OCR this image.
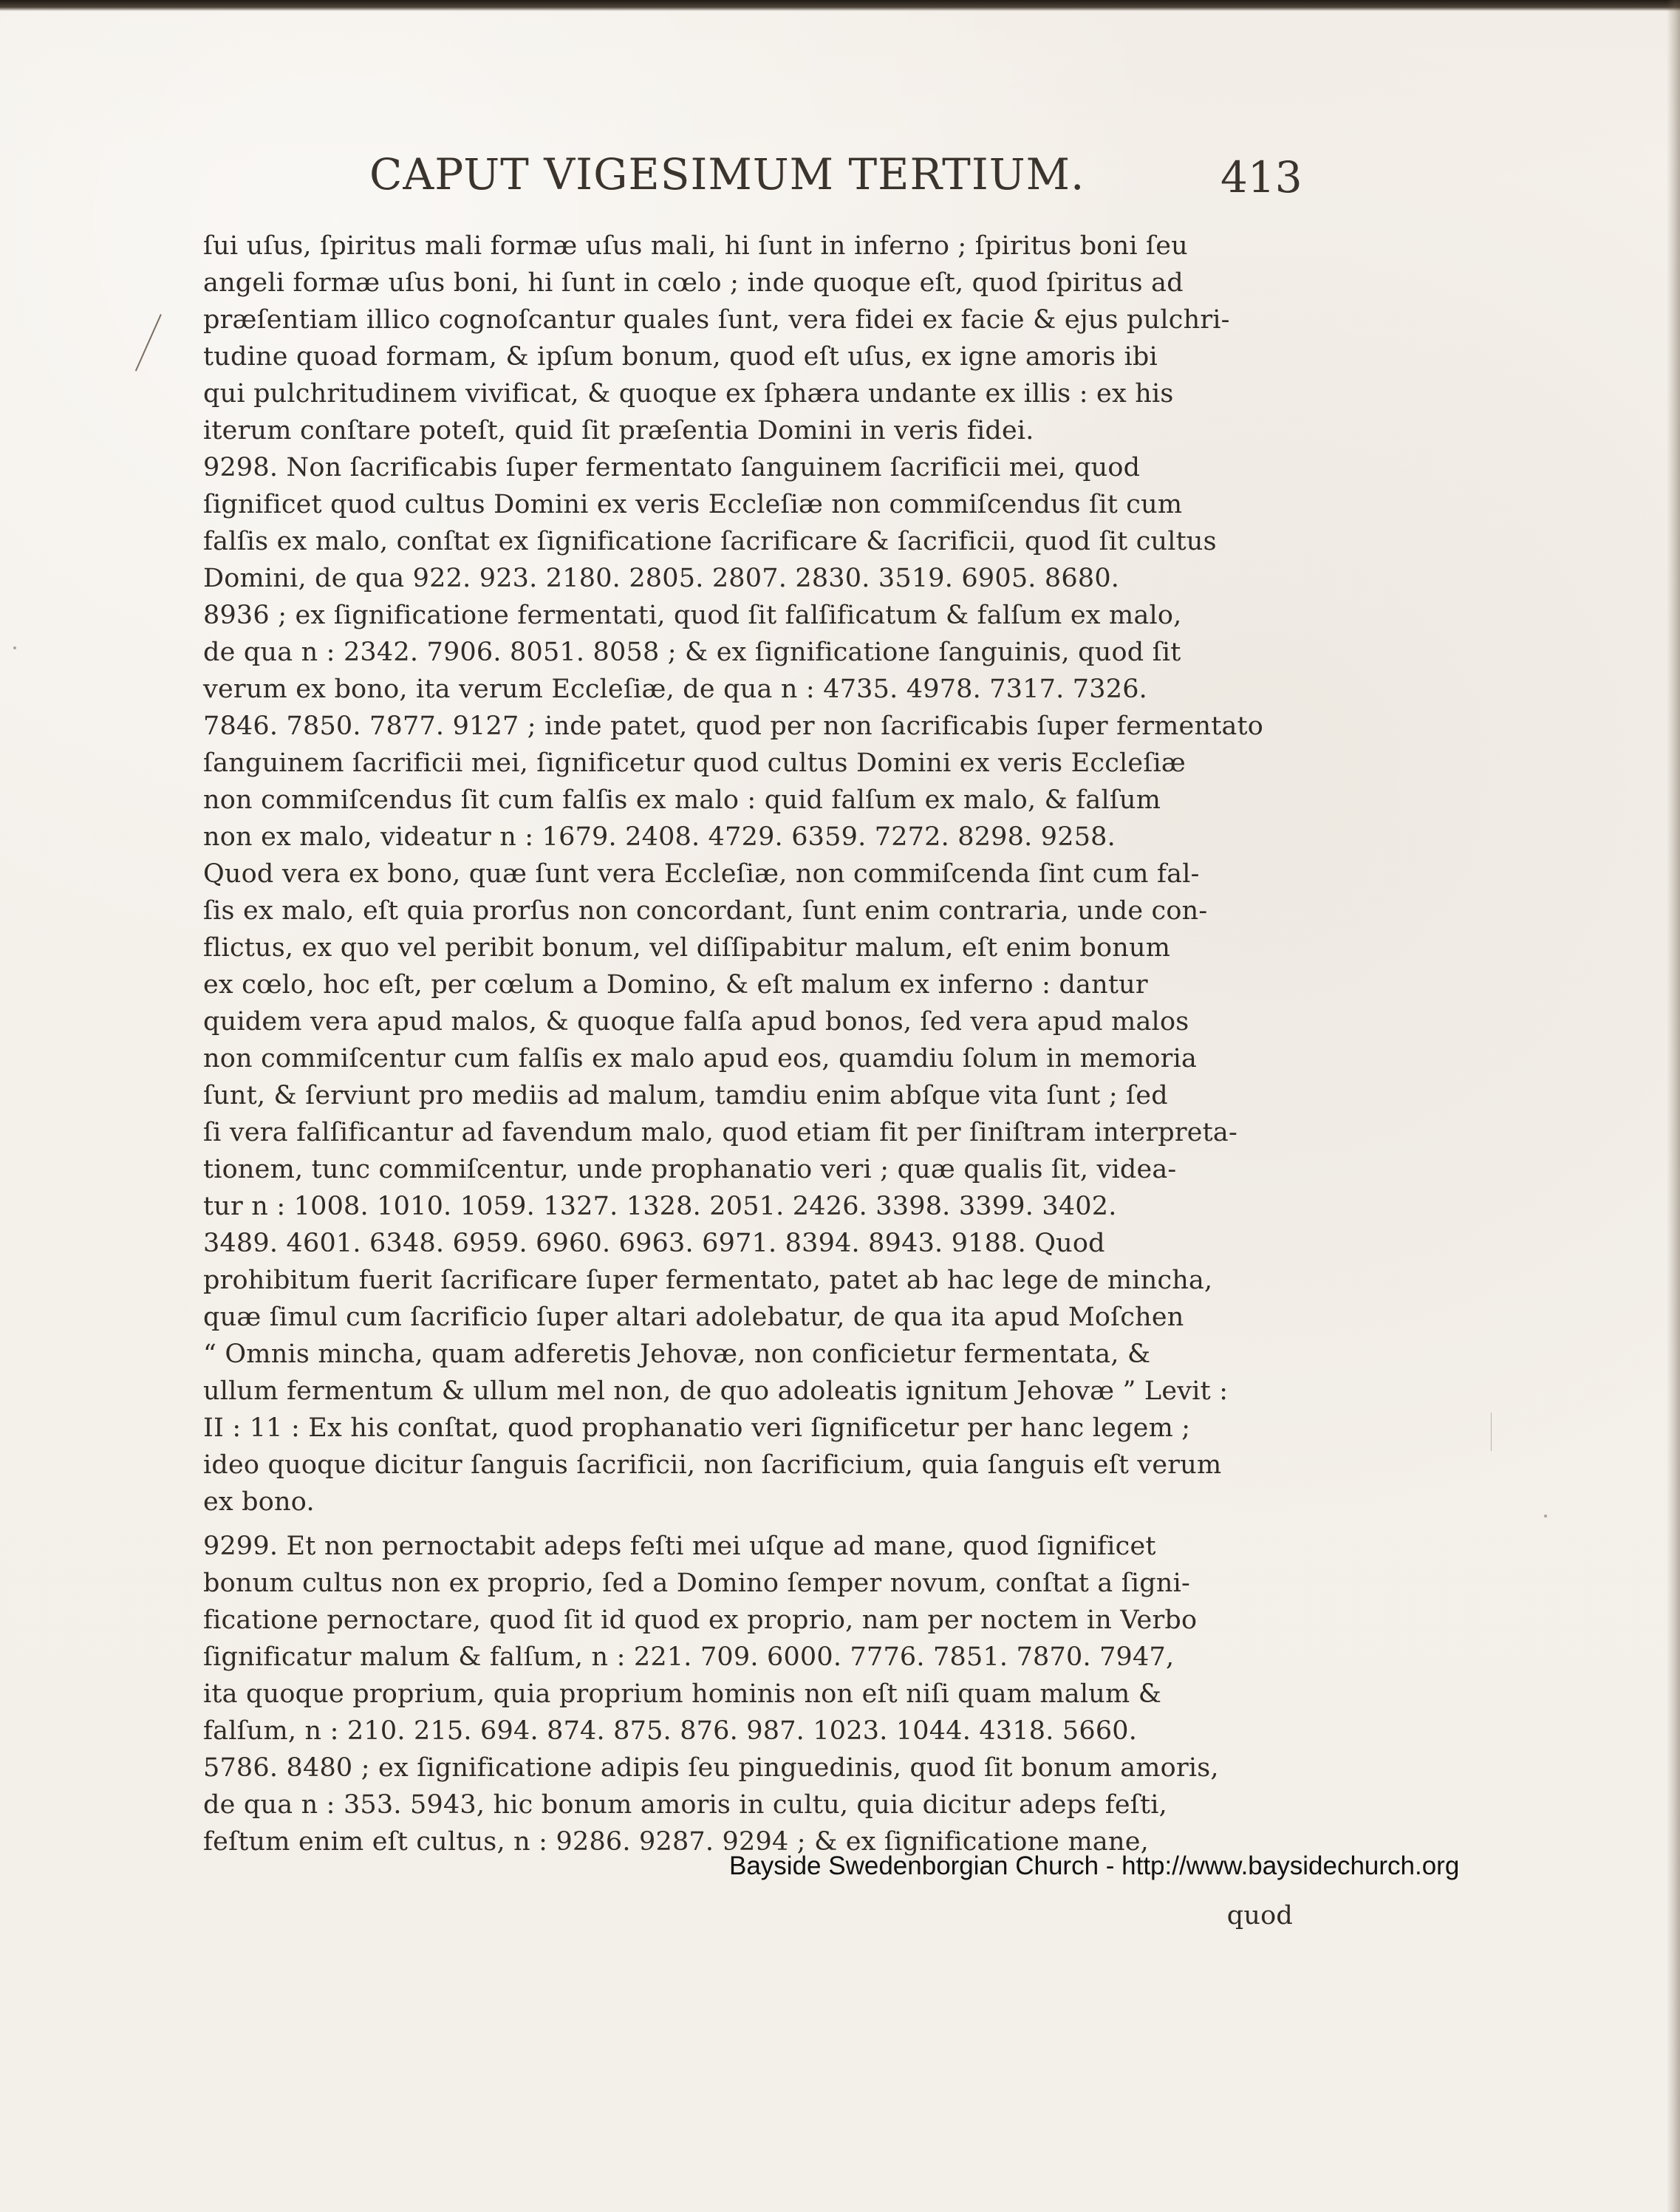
CAPUT VIGESIMUM TERTIUM.	413
ſui uſus, ſpiritus mali formæ uſus mali, hi ſunt in inferno ; ſpiritus boni ſeu
angeli formæ uſus boni, hi ſunt in cœlo ; inde quoque eſt, quod ſpiritus ad
præſentiam illico cognoſcantur quales ſunt, vera fidei ex facie & ejus pulchri-
tudine quoad formam, & ipſum bonum, quod eſt uſus, ex igne amoris ibi
qui pulchritudinem vivificat, & quoque ex ſphæra undante ex illis : ex his
iterum conſtare poteſt, quid ſit præſentia Domini in veris fidei.
9298. Non ſacrificabis ſuper fermentato ſanguinem ſacrificii mei, quod
ſignificet quod cultus Domini ex veris Eccleſiæ non commiſcendus ſit cum
falſis ex malo, conſtat ex ſignificatione ſacrificare & ſacrificii, quod ſit cultus
Domini, de qua 922. 923. 2180. 2805. 2807. 2830. 3519. 6905. 8680.
8936 ; ex ſignificatione fermentati, quod ſit falſificatum & falſum ex malo,
de qua n : 2342. 7906. 8051. 8058 ; & ex ſignificatione ſanguinis, quod ſit
verum ex bono, ita verum Eccleſiæ, de qua n : 4735. 4978. 7317. 7326.
7846. 7850. 7877. 9127 ; inde patet, quod per non ſacrificabis ſuper fermentato
ſanguinem ſacrificii mei, ſignificetur quod cultus Domini ex veris Eccleſiæ
non commiſcendus ſit cum falſis ex malo : quid falſum ex malo, & falſum
non ex malo, videatur n : 1679. 2408. 4729. 6359. 7272. 8298. 9258.
Quod vera ex bono, quæ ſunt vera Eccleſiæ, non commiſcenda ſint cum fal-
ſis ex malo, eſt quia prorſus non concordant, ſunt enim contraria, unde con-
flictus, ex quo vel peribit bonum, vel diſſipabitur malum, eſt enim bonum
ex cœlo, hoc eſt, per cœlum a Domino, & eſt malum ex inferno : dantur
quidem vera apud malos, & quoque falſa apud bonos, ſed vera apud malos
non commiſcentur cum falſis ex malo apud eos, quamdiu ſolum in memoria
ſunt, & ſerviunt pro mediis ad malum, tamdiu enim abſque vita ſunt ; ſed
ſi vera falſificantur ad favendum malo, quod etiam fit per ſiniſtram interpreta-
tionem, tunc commiſcentur, unde prophanatio veri ; quæ qualis ſit, videa-
tur n : 1008. 1010. 1059. 1327. 1328. 2051. 2426. 3398. 3399. 3402.
3489. 4601. 6348. 6959. 6960. 6963. 6971. 8394. 8943. 9188. Quod
prohibitum fuerit ſacrificare ſuper fermentato, patet ab hac lege de mincha,
quæ ſimul cum ſacrificio ſuper altari adolebatur, de qua ita apud Moſchen
“ Omnis mincha, quam adferetis Jehovæ, non conficietur fermentata, &
ullum fermentum & ullum mel non, de quo adoleatis ignitum Jehovæ ” Levit :
II : 11 : Ex his conſtat, quod prophanatio veri ſignificetur per hanc legem ;
ideo quoque dicitur ſanguis ſacrificii, non ſacrificium, quia ſanguis eſt verum
ex bono.
9299. Et non pernoctabit adeps feſti mei uſque ad mane, quod ſignificet
bonum cultus non ex proprio, ſed a Domino ſemper novum, conſtat a ſigni-
ficatione pernoctare, quod ſit id quod ex proprio, nam per noctem in Verbo
ſignificatur malum & falſum, n : 221. 709. 6000. 7776. 7851. 7870. 7947,
ita quoque proprium, quia proprium hominis non eſt niſi quam malum &
falſum, n : 210. 215. 694. 874. 875. 876. 987. 1023. 1044. 4318. 5660.
5786. 8480 ; ex ſignificatione adipis ſeu pinguedinis, quod ſit bonum amoris,
de qua n : 353. 5943, hic bonum amoris in cultu, quia dicitur adeps feſti,
feſtum enim eſt cultus, n : 9286. 9287. 9294 ; & ex ſignificatione mane,
quod
Bayside Swedenborgian Church - http://www.baysidechurch.org
